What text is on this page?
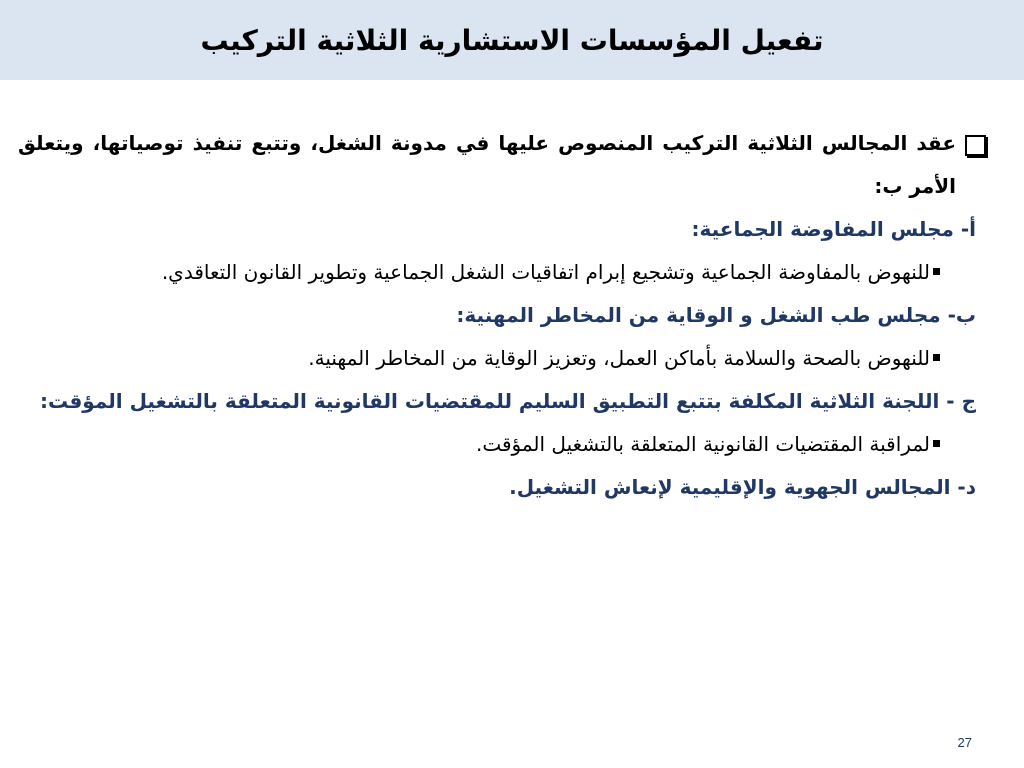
تفعيل المؤسسات الاستشارية الثلاثية التركيب

عقد المجالس الثلاثية التركيب المنصوص عليها في مدونة الشغل، وتتبع تنفيذ توصياتها، ويتعلق الأمر ب:

أ- مجلس المفاوضة الجماعية:

للنهوض بالمفاوضة الجماعية وتشجيع إبرام اتفاقيات الشغل الجماعية وتطوير القانون التعاقدي.

ب- مجلس طب الشغل و الوقاية من المخاطر المهنية:

للنهوض بالصحة والسلامة بأماكن العمل، وتعزيز الوقاية من المخاطر المهنية.

ج - اللجنة الثلاثية المكلفة بتتبع التطبيق السليم للمقتضيات القانونية المتعلقة بالتشغيل المؤقت:

لمراقبة المقتضيات القانونية المتعلقة بالتشغيل المؤقت.

د- المجالس الجهوية والإقليمية لإنعاش التشغيل.

27
